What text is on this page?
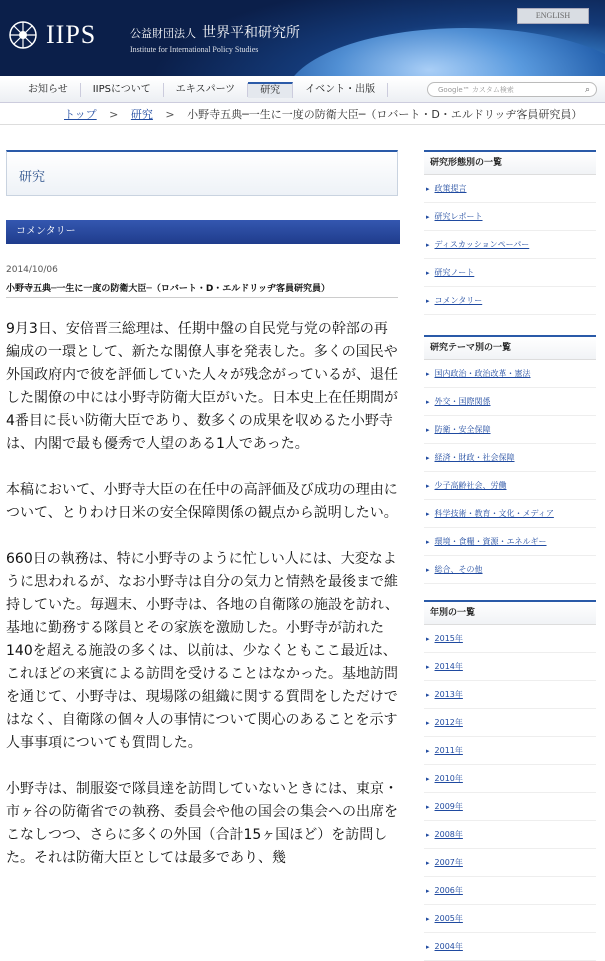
IIPS	公益財団法人 世界平和研究所
Institute for International Policy Studies
ENGLISH
お知らせ	IIPSについて	エキスパーツ	研究	イベント・出版	Google™ カスタム検索	⌕
トップ > 研究 > 小野寺五典─一生に一度の防衛大臣─（ロバート・D・エルドリッヂ客員研究員）
研究
コメンタリー
2014/10/06
小野寺五典─一生に一度の防衛大臣─（ロバート・D・エルドリッヂ客員研究員）

9月3日、安倍晋三総理は、任期中盤の自民党与党の幹部の再編成の一環として、新たな閣僚人事を発表した。多くの国民や外国政府内で彼を評価していた人々が残念がっているが、退任した閣僚の中には小野寺防衛大臣がいた。日本史上在任期間が4番目に長い防衛大臣であり、数多くの成果を収めるた小野寺は、内閣で最も優秀で人望のある1人であった。

本稿において、小野寺大臣の在任中の高評価及び成功の理由について、とりわけ日米の安全保障関係の観点から説明したい。

660日の執務は、特に小野寺のように忙しい人には、大変なように思われるが、なお小野寺は自分の気力と情熱を最後まで維持していた。毎週末、小野寺は、各地の自衛隊の施設を訪れ、基地に勤務する隊員とその家族を激励した。小野寺が訪れた140を超える施設の多くは、以前は、少なくともここ最近は、これほどの来賓による訪問を受けることはなかった。基地訪問を通じて、小野寺は、現場隊の組織に関する質問をしただけではなく、自衛隊の個々人の事情について関心のあることを示す人事事項についても質問した。

小野寺は、制服姿で隊員達を訪問していないときには、東京・市ヶ谷の防衛省での執務、委員会や他の国会の集会への出席をこなしつつ、さらに多くの外国（合計15ヶ国ほど）を訪問した。それは防衛大臣としては最多であり、幾

研究形態別の一覧
▸ 政策提言
▸ 研究レポート
▸ ディスカッションペーパー
▸ 研究ノート
▸ コメンタリー
研究テーマ別の一覧
▸ 国内政治・政治改革・憲法
▸ 外交・国際関係
▸ 防衛・安全保障
▸ 経済・財政・社会保障
▸ 少子高齢社会、労働
▸ 科学技術・教育・文化・メディア
▸ 環境・食糧・資源・エネルギー
▸ 総合、その他
年別の一覧
▸ 2015年
▸ 2014年
▸ 2013年
▸ 2012年
▸ 2011年
▸ 2010年
▸ 2009年
▸ 2008年
▸ 2007年
▸ 2006年
▸ 2005年
▸ 2004年
